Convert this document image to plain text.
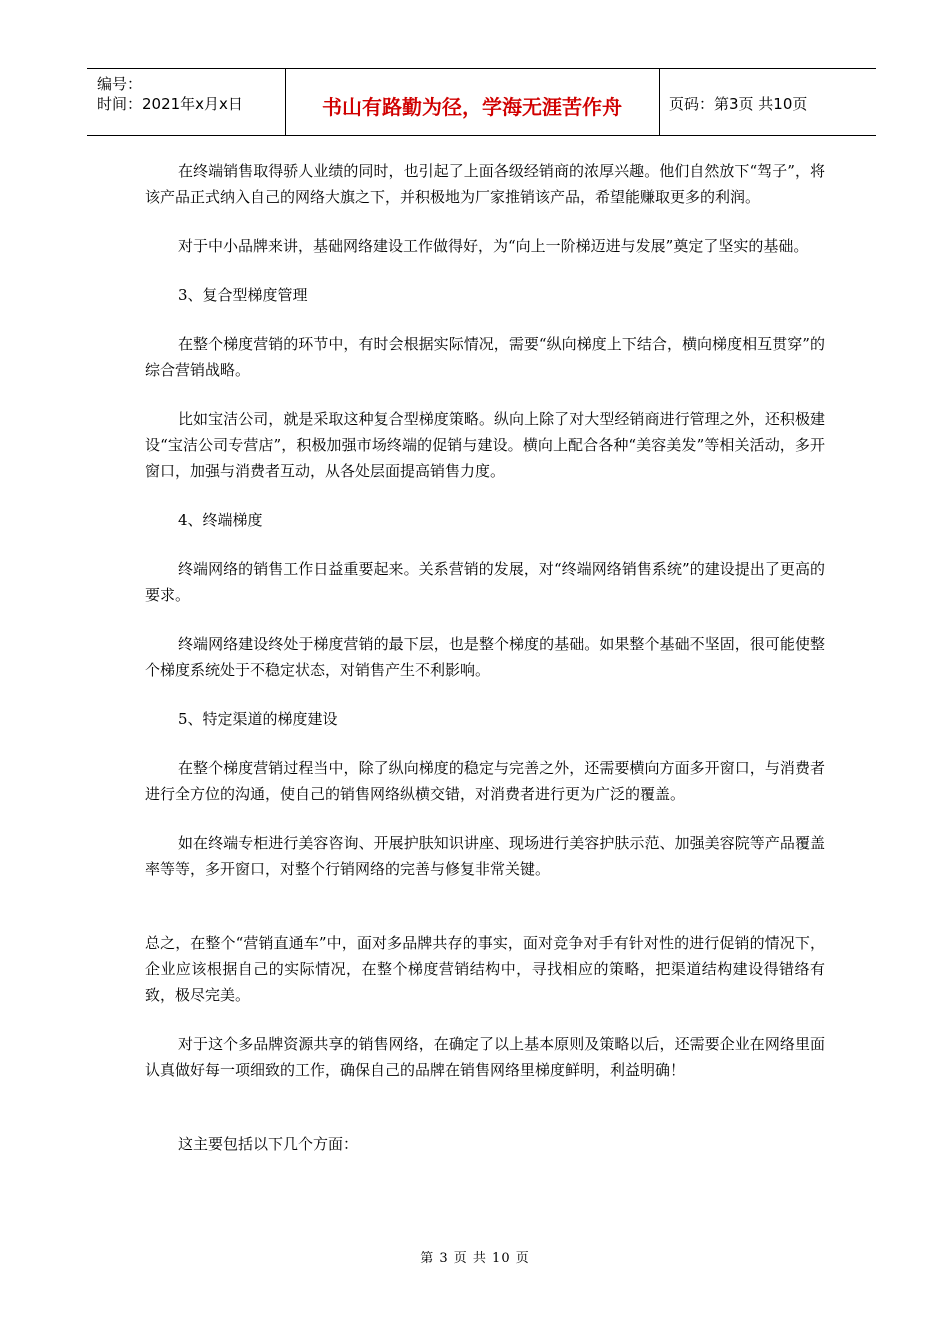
编号：
时间：2021年x月x日	书山有路勤为径，学海无涯苦作舟	页码：第3页 共10页

在终端销售取得骄人业绩的同时，也引起了上面各级经销商的浓厚兴趣。他们自然放下“驾子”，将该产品正式纳入自己的网络大旗之下，并积极地为厂家推销该产品，希望能赚取更多的利润。

对于中小品牌来讲，基础网络建设工作做得好，为“向上一阶梯迈进与发展”奠定了坚实的基础。

3、复合型梯度管理

在整个梯度营销的环节中，有时会根据实际情况，需要“纵向梯度上下结合，横向梯度相互贯穿”的综合营销战略。

比如宝洁公司，就是采取这种复合型梯度策略。纵向上除了对大型经销商进行管理之外，还积极建设“宝洁公司专营店”，积极加强市场终端的促销与建设。横向上配合各种“美容美发”等相关活动，多开窗口，加强与消费者互动，从各处层面提高销售力度。

4、终端梯度

终端网络的销售工作日益重要起来。关系营销的发展，对“终端网络销售系统”的建设提出了更高的要求。

终端网络建设终处于梯度营销的最下层，也是整个梯度的基础。如果整个基础不坚固，很可能使整个梯度系统处于不稳定状态，对销售产生不利影响。

5、特定渠道的梯度建设

在整个梯度营销过程当中，除了纵向梯度的稳定与完善之外，还需要横向方面多开窗口，与消费者进行全方位的沟通，使自己的销售网络纵横交错，对消费者进行更为广泛的覆盖。

如在终端专柜进行美容咨询、开展护肤知识讲座、现场进行美容护肤示范、加强美容院等产品覆盖率等等，多开窗口，对整个行销网络的完善与修复非常关键。

总之，在整个“营销直通车”中，面对多品牌共存的事实，面对竞争对手有针对性的进行促销的情况下，企业应该根据自己的实际情况，在整个梯度营销结构中，寻找相应的策略，把渠道结构建设得错络有致，极尽完美。

对于这个多品牌资源共享的销售网络，在确定了以上基本原则及策略以后，还需要企业在网络里面认真做好每一项细致的工作，确保自己的品牌在销售网络里梯度鲜明，利益明确！

这主要包括以下几个方面：

第 3 页 共 10 页
